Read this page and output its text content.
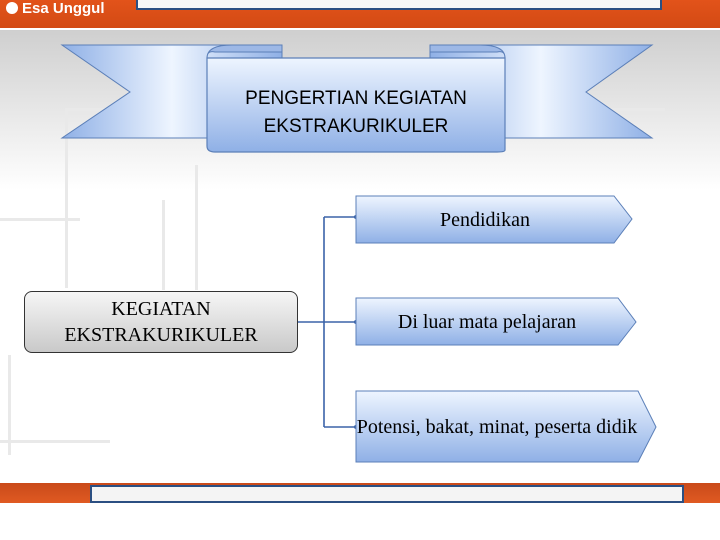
Esa Unggul
PENGERTIAN KEGIATAN EKSTRAKURIKULER
KEGIATAN EKSTRAKURIKULER
Pendidikan
Di luar mata pelajaran
Potensi, bakat, minat, peserta didik
